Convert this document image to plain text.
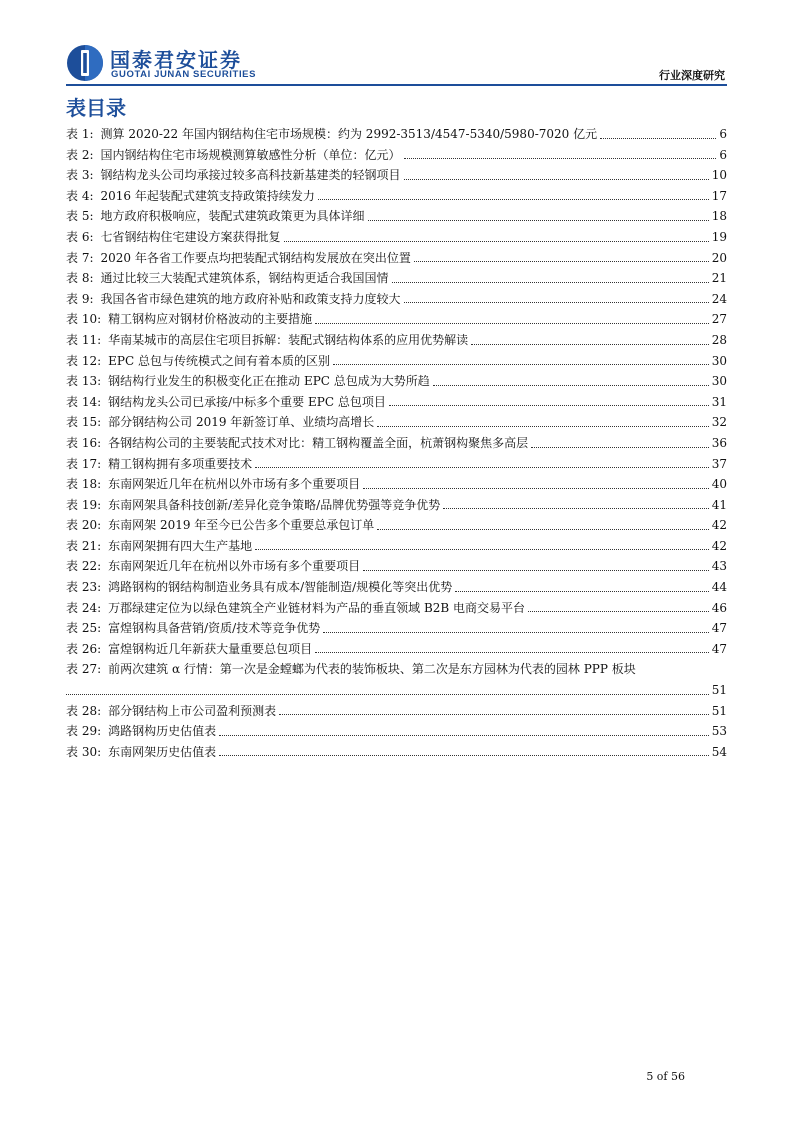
国泰君安证券
GUOTAI JUNAN SECURITIES	行业深度研究
表目录
表 1: 测算 2020-22 年国内钢结构住宅市场规模：约为 2992-3513/4547-5340/5980-7020 亿元	6
表 2: 国内钢结构住宅市场规模测算敏感性分析（单位：亿元）	6
表 3: 钢结构龙头公司均承接过较多高科技新基建类的轻钢项目	10
表 4: 2016 年起装配式建筑支持政策持续发力	17
表 5: 地方政府积极响应，装配式建筑政策更为具体详细	18
表 6: 七省钢结构住宅建设方案获得批复	19
表 7: 2020 年各省工作要点均把装配式钢结构发展放在突出位置	20
表 8: 通过比较三大装配式建筑体系，钢结构更适合我国国情	21
表 9: 我国各省市绿色建筑的地方政府补贴和政策支持力度较大	24
表 10: 精工钢构应对钢材价格波动的主要措施	27
表 11: 华南某城市的高层住宅项目拆解：装配式钢结构体系的应用优势解读	28
表 12: EPC 总包与传统模式之间有着本质的区别	30
表 13: 钢结构行业发生的积极变化正在推动 EPC 总包成为大势所趋	30
表 14: 钢结构龙头公司已承接/中标多个重要 EPC 总包项目	31
表 15: 部分钢结构公司 2019 年新签订单、业绩均高增长	32
表 16: 各钢结构公司的主要装配式技术对比：精工钢构覆盖全面，杭萧钢构聚焦多高层	36
表 17: 精工钢构拥有多项重要技术	37
表 18: 东南网架近几年在杭州以外市场有多个重要项目	40
表 19: 东南网架具备科技创新/差异化竞争策略/品牌优势强等竞争优势	41
表 20: 东南网架 2019 年至今已公告多个重要总承包订单	42
表 21: 东南网架拥有四大生产基地	42
表 22: 东南网架近几年在杭州以外市场有多个重要项目	43
表 23: 鸿路钢构的钢结构制造业务具有成本/智能制造/规模化等突出优势	44
表 24: 万郡绿建定位为以绿色建筑全产业链材料为产品的垂直领域 B2B 电商交易平台	46
表 25: 富煌钢构具备营销/资质/技术等竞争优势	47
表 26: 富煌钢构近几年新获大量重要总包项目	47
表 27: 前两次建筑 α 行情：第一次是金螳螂为代表的装饰板块、第二次是东方园林为代表的园林 PPP 板块
51
表 28: 部分钢结构上市公司盈利预测表	51
表 29: 鸿路钢构历史估值表	53
表 30: 东南网架历史估值表	54
5 of 56
